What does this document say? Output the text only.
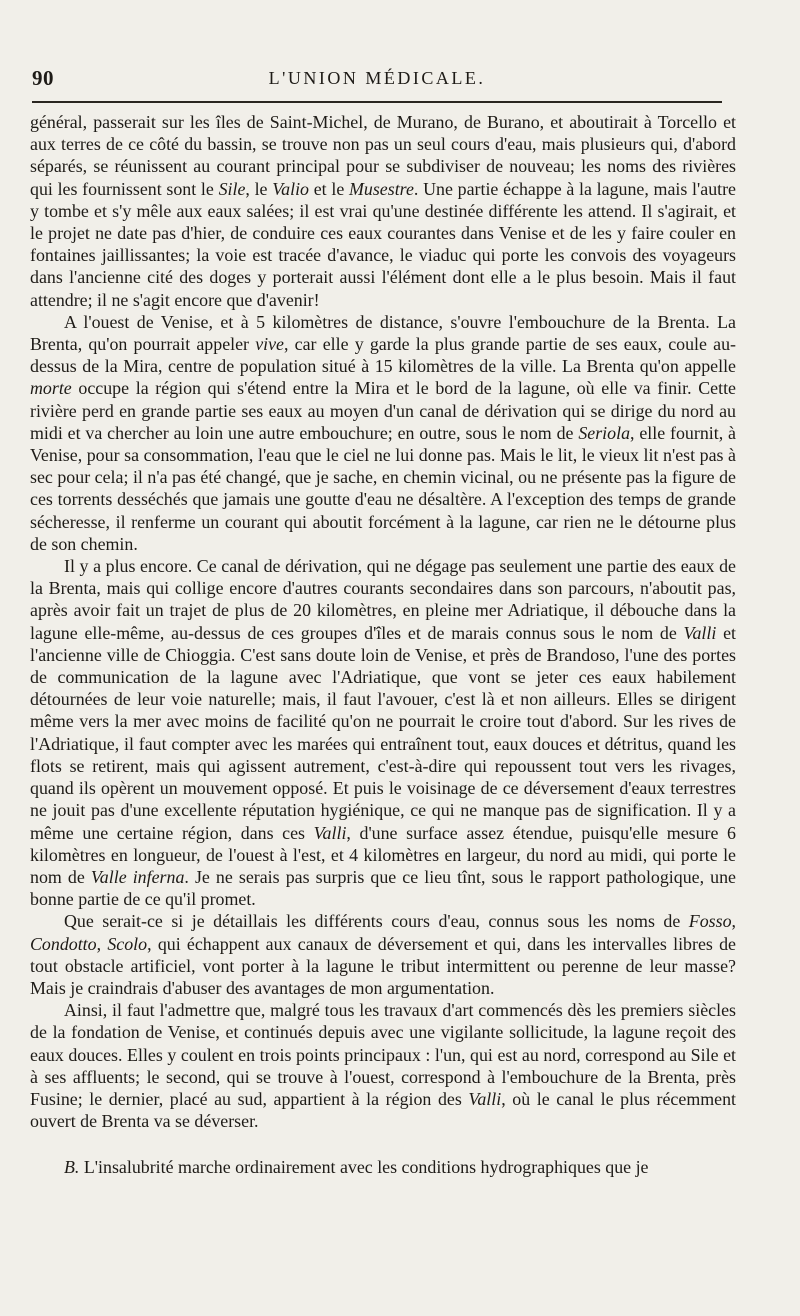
90	L'UNION MÉDICALE.

général, passerait sur les îles de Saint-Michel, de Murano, de Burano, et aboutirait à Torcello et aux terres de ce côté du bassin, se trouve non pas un seul cours d'eau, mais plusieurs qui, d'abord séparés, se réunissent au courant principal pour se subdiviser de nouveau; les noms des rivières qui les fournissent sont le Sile, le Valio et le Musestre. Une partie échappe à la lagune, mais l'autre y tombe et s'y mêle aux eaux salées; il est vrai qu'une destinée différente les attend. Il s'agirait, et le projet ne date pas d'hier, de conduire ces eaux courantes dans Venise et de les y faire couler en fontaines jaillissantes; la voie est tracée d'avance, le viaduc qui porte les convois des voyageurs dans l'ancienne cité des doges y porterait aussi l'élément dont elle a le plus besoin. Mais il faut attendre; il ne s'agit encore que d'avenir!

A l'ouest de Venise, et à 5 kilomètres de distance, s'ouvre l'embouchure de la Brenta. La Brenta, qu'on pourrait appeler vive, car elle y garde la plus grande partie de ses eaux, coule au-dessus de la Mira, centre de population situé à 15 kilomètres de la ville. La Brenta qu'on appelle morte occupe la région qui s'étend entre la Mira et le bord de la lagune, où elle va finir. Cette rivière perd en grande partie ses eaux au moyen d'un canal de dérivation qui se dirige du nord au midi et va chercher au loin une autre embouchure; en outre, sous le nom de Seriola, elle fournit, à Venise, pour sa consommation, l'eau que le ciel ne lui donne pas. Mais le lit, le vieux lit n'est pas à sec pour cela; il n'a pas été changé, que je sache, en chemin vicinal, ou ne présente pas la figure de ces torrents desséchés que jamais une goutte d'eau ne désaltère. A l'exception des temps de grande sécheresse, il renferme un courant qui aboutit forcément à la lagune, car rien ne le détourne plus de son chemin.

Il y a plus encore. Ce canal de dérivation, qui ne dégage pas seulement une partie des eaux de la Brenta, mais qui collige encore d'autres courants secondaires dans son parcours, n'aboutit pas, après avoir fait un trajet de plus de 20 kilomètres, en pleine mer Adriatique, il débouche dans la lagune elle-même, au-dessus de ces groupes d'îles et de marais connus sous le nom de Valli et l'ancienne ville de Chioggia. C'est sans doute loin de Venise, et près de Brandoso, l'une des portes de communication de la lagune avec l'Adriatique, que vont se jeter ces eaux habilement détournées de leur voie naturelle; mais, il faut l'avouer, c'est là et non ailleurs. Elles se dirigent même vers la mer avec moins de facilité qu'on ne pourrait le croire tout d'abord. Sur les rives de l'Adriatique, il faut compter avec les marées qui entraînent tout, eaux douces et détritus, quand les flots se retirent, mais qui agissent autrement, c'est-à-dire qui repoussent tout vers les rivages, quand ils opèrent un mouvement opposé. Et puis le voisinage de ce déversement d'eaux terrestres ne jouit pas d'une excellente réputation hygiénique, ce qui ne manque pas de signification. Il y a même une certaine région, dans ces Valli, d'une surface assez étendue, puisqu'elle mesure 6 kilomètres en longueur, de l'ouest à l'est, et 4 kilomètres en largeur, du nord au midi, qui porte le nom de Valle inferna. Je ne serais pas surpris que ce lieu tînt, sous le rapport pathologique, une bonne partie de ce qu'il promet.

Que serait-ce si je détaillais les différents cours d'eau, connus sous les noms de Fosso, Condotto, Scolo, qui échappent aux canaux de déversement et qui, dans les intervalles libres de tout obstacle artificiel, vont porter à la lagune le tribut intermittent ou perenne de leur masse? Mais je craindrais d'abuser des avantages de mon argumentation.

Ainsi, il faut l'admettre que, malgré tous les travaux d'art commencés dès les premiers siècles de la fondation de Venise, et continués depuis avec une vigilante sollicitude, la lagune reçoit des eaux douces. Elles y coulent en trois points principaux : l'un, qui est au nord, correspond au Sile et à ses affluents; le second, qui se trouve à l'ouest, correspond à l'embouchure de la Brenta, près Fusine; le dernier, placé au sud, appartient à la région des Valli, où le canal le plus récemment ouvert de Brenta va se déverser.

B. L'insalubrité marche ordinairement avec les conditions hydrographiques que je
